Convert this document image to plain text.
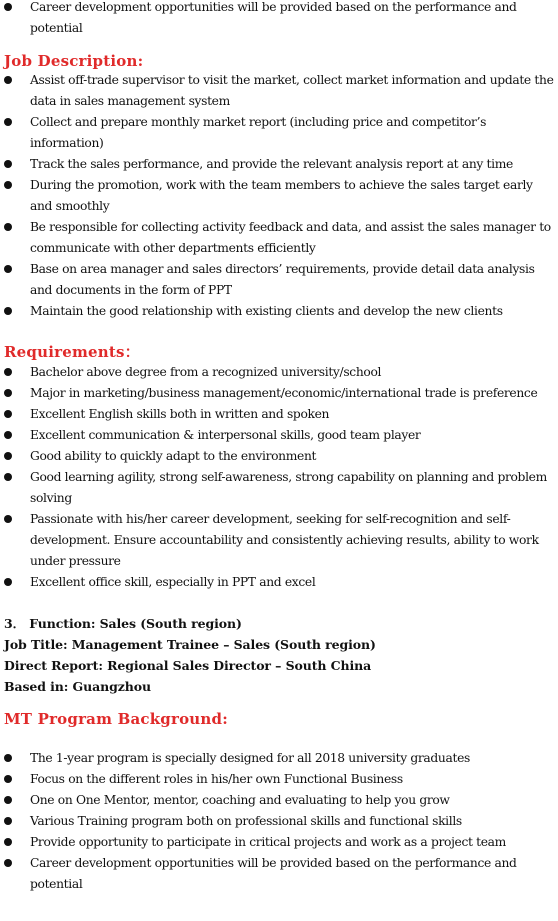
Career development opportunities will be provided based on the performance and potential
Job Description:
Assist off-trade supervisor to visit the market, collect market information and update the data in sales management system
Collect and prepare monthly market report (including price and competitor’s information)
Track the sales performance, and provide the relevant analysis report at any time
During the promotion, work with the team members to achieve the sales target early and smoothly
Be responsible for collecting activity feedback and data, and assist the sales manager to communicate with other departments efficiently
Base on area manager and sales directors’ requirements, provide detail data analysis and documents in the form of PPT
Maintain the good relationship with existing clients and develop the new clients
Requirements：
Bachelor above degree from a recognized university/school
Major in marketing/business management/economic/international trade is preference
Excellent English skills both in written and spoken
Excellent communication & interpersonal skills, good team player
Good ability to quickly adapt to the environment
Good learning agility, strong self-awareness, strong capability on planning and problem solving
Passionate with his/her career development, seeking for self-recognition and self-development. Ensure accountability and consistently achieving results, ability to work under pressure
Excellent office skill, especially in PPT and excel
3． Function: Sales (South region)
Job Title: Management Trainee – Sales (South region)
Direct Report: Regional Sales Director – South China
Based in: Guangzhou
MT Program Background:
The 1-year program is specially designed for all 2018 university graduates
Focus on the different roles in his/her own Functional Business
One on One Mentor, mentor, coaching and evaluating to help you grow
Various Training program both on professional skills and functional skills
Provide opportunity to participate in critical projects and work as a project team
Career development opportunities will be provided based on the performance and potential
